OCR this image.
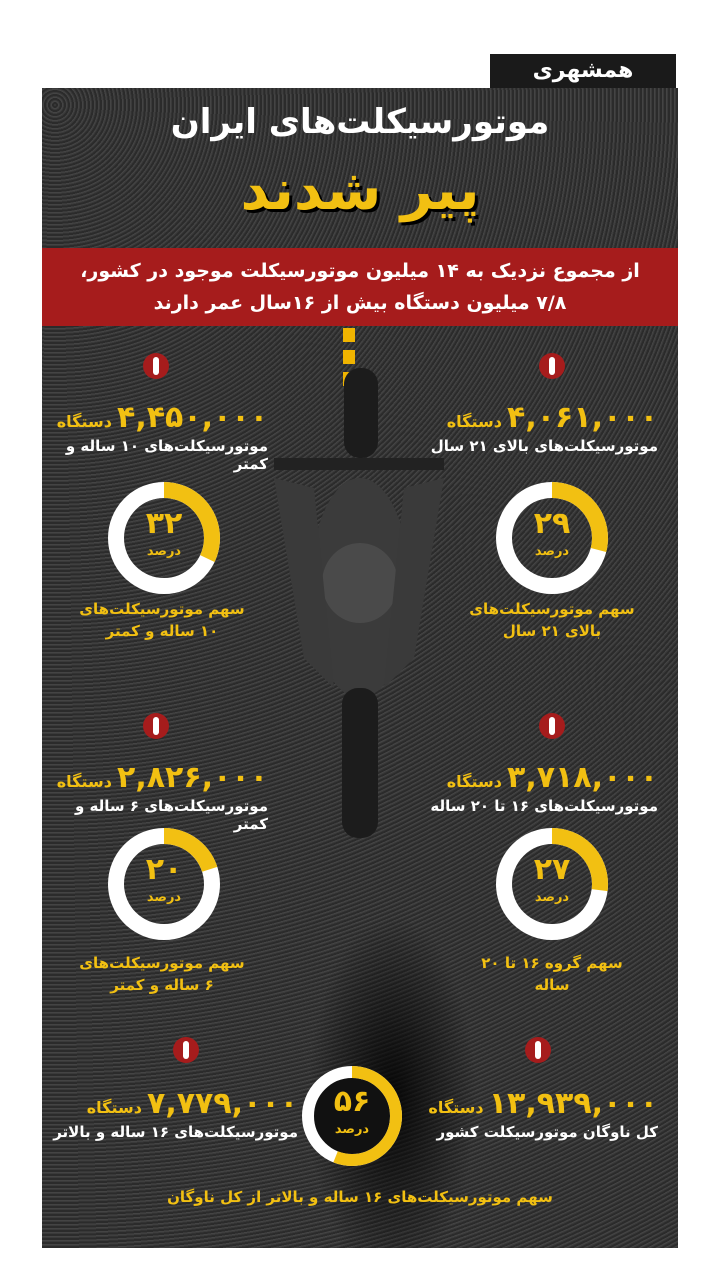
همشهری
موتورسیکلت‌های ایران
پیر شدند
از مجموع نزدیک به ۱۴ میلیون موتورسیکلت موجود در کشور،
۷/۸ میلیون دستگاه بیش از ۱۶سال عمر دارند
۴,۰۶۱,۰۰۰ دستگاه
موتورسیکلت‌های بالای ۲۱ سال
۲۹
درصد
سهم موتورسیکلت‌های
بالای ۲۱ سال
۴,۴۵۰,۰۰۰ دستگاه
موتورسیکلت‌های ۱۰ ساله و کمتر
۳۲
درصد
سهم موتورسیکلت‌های
۱۰ ساله و کمتر
۳,۷۱۸,۰۰۰ دستگاه
موتورسیکلت‌های ۱۶ تا ۲۰ ساله
۲۷
درصد
سهم گروه ۱۶ تا ۲۰ ساله
۲,۸۲۶,۰۰۰ دستگاه
موتورسیکلت‌های ۶ ساله و کمتر
۲۰
درصد
سهم موتورسیکلت‌های
۶ ساله و کمتر
۱۳,۹۳۹,۰۰۰ دستگاه
کل ناوگان موتورسیکلت کشور
۷,۷۷۹,۰۰۰ دستگاه
موتورسیکلت‌های ۱۶ ساله و بالاتر
۵۶
درصد
سهم موتورسیکلت‌های ۱۶ ساله و بالاتر از کل ناوگان
